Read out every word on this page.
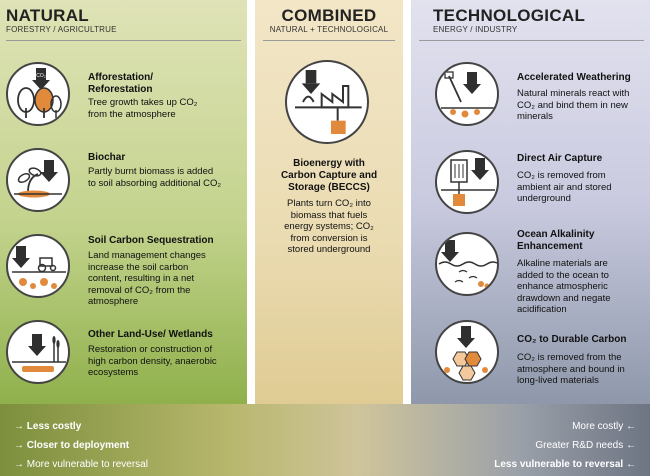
NATURAL
FORESTRY / AGRICULTRUE
CO₂	Afforestation/
Reforestation
Tree growth takes up CO₂
from the atmosphere
Biochar
Partly burnt biomass is added
to soil absorbing additional CO₂
Soil Carbon Sequestration
Land management changes
increase the soil carbon
content, resulting in a net
removal of CO₂ from the
atmosphere
Other Land-Use/ Wetlands
Restoration or construction of
high carbon density, anaerobic
ecosystems
COMBINED
NATURAL + TECHNOLOGICAL
Bioenergy with
Carbon Capture and
Storage (BECCS)
Plants turn CO₂ into
biomass that fuels
energy systems; CO₂
from conversion is
stored underground
TECHNOLOGICAL
ENERGY / INDUSTRY
Accelerated Weathering
Natural minerals react with
CO₂ and bind them in new
minerals
Direct Air Capture
CO₂ is removed from
ambient air and stored
underground
Ocean Alkalinity
Enhancement
Alkaline materials are
added to the ocean to
enhance atmospheric
drawdown and negate
acidification
CO₂ to Durable Carbon
CO₂ is removed from the
atmosphere and bound in
long-lived materials
→ Less costly
→ Closer to deployment
→ More vulnerable to reversal
More costly ←
Greater R&D needs ←
Less vulnerable to reversal ←
